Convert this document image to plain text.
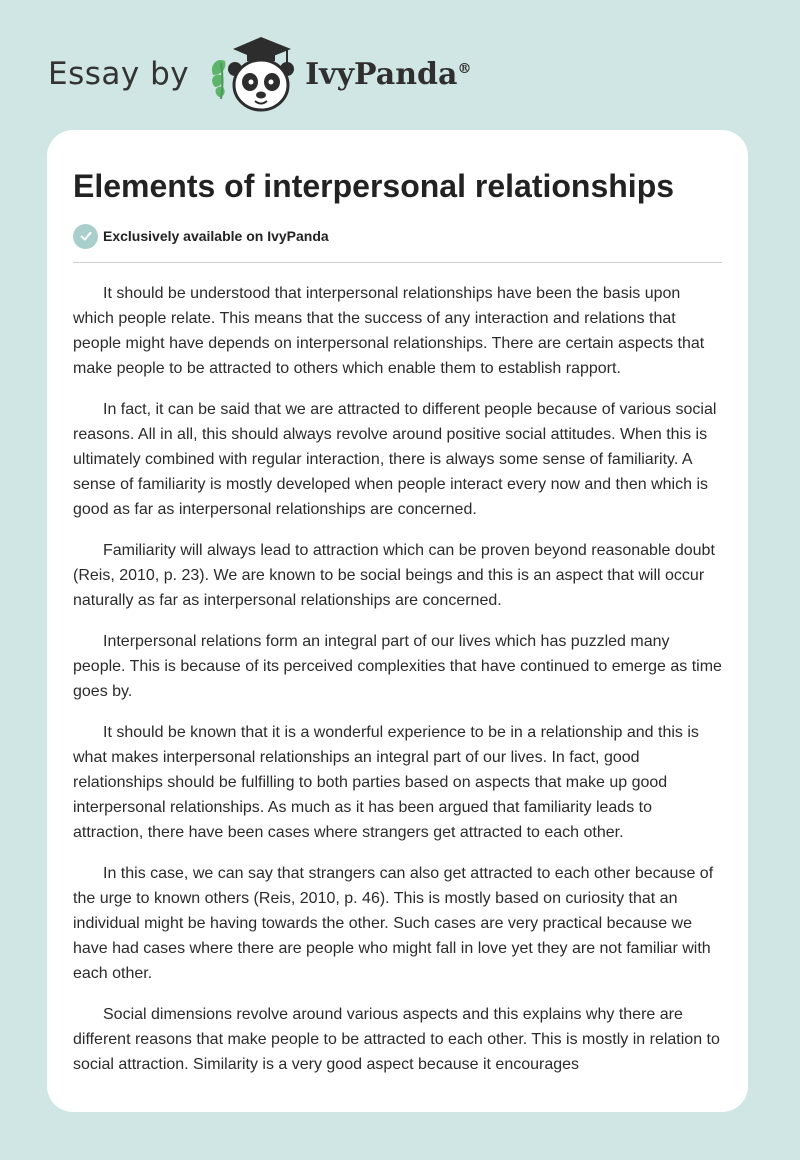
Essay by	IvyPanda®
Elements of interpersonal relationships
Exclusively available on IvyPanda

It should be understood that interpersonal relationships have been the basis upon which people relate. This means that the success of any interaction and relations that people might have depends on interpersonal relationships. There are certain aspects that make people to be attracted to others which enable them to establish rapport.

In fact, it can be said that we are attracted to different people because of various social reasons. All in all, this should always revolve around positive social attitudes. When this is ultimately combined with regular interaction, there is always some sense of familiarity. A sense of familiarity is mostly developed when people interact every now and then which is good as far as interpersonal relationships are concerned.

Familiarity will always lead to attraction which can be proven beyond reasonable doubt (Reis, 2010, p. 23). We are known to be social beings and this is an aspect that will occur naturally as far as interpersonal relationships are concerned.

Interpersonal relations form an integral part of our lives which has puzzled many people. This is because of its perceived complexities that have continued to emerge as time goes by.

It should be known that it is a wonderful experience to be in a relationship and this is what makes interpersonal relationships an integral part of our lives. In fact, good relationships should be fulfilling to both parties based on aspects that make up good interpersonal relationships. As much as it has been argued that familiarity leads to attraction, there have been cases where strangers get attracted to each other.

In this case, we can say that strangers can also get attracted to each other because of the urge to known others (Reis, 2010, p. 46). This is mostly based on curiosity that an individual might be having towards the other. Such cases are very practical because we have had cases where there are people who might fall in love yet they are not familiar with each other.

Social dimensions revolve around various aspects and this explains why there are different reasons that make people to be attracted to each other. This is mostly in relation to social attraction. Similarity is a very good aspect because it encourages
